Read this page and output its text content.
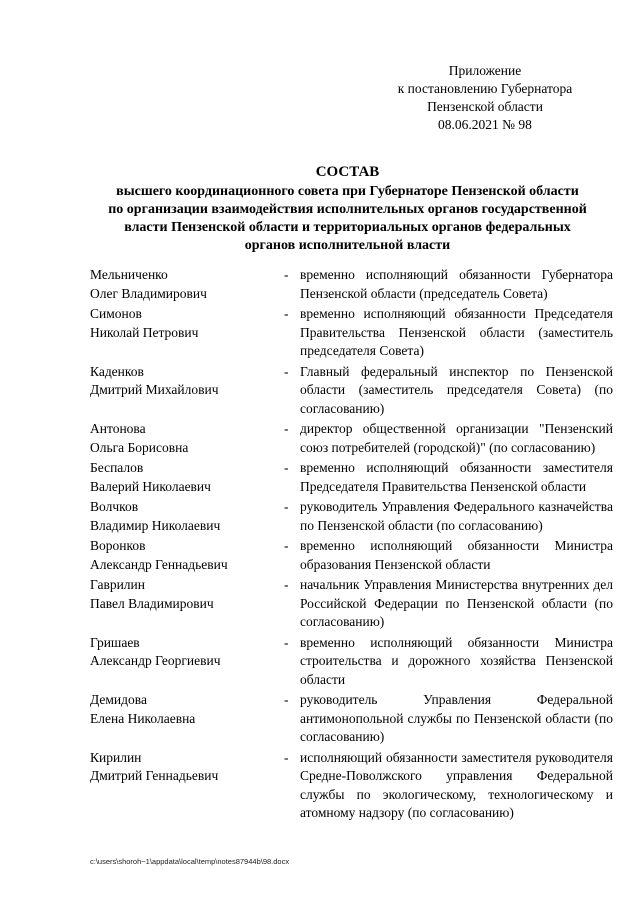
Приложение
к постановлению Губернатора
Пензенской области
08.06.2021 № 98
СОСТАВ
высшего координационного совета при Губернаторе Пензенской области
по организации взаимодействия исполнительных органов государственной
власти Пензенской области и территориальных органов федеральных
органов исполнительной власти
Мельниченко
Олег Владимирович
- временно исполняющий обязанности Губернатора Пензенской области (председатель Совета)
Симонов
Николай Петрович
- временно исполняющий обязанности Председателя Правительства Пензенской области (заместитель председателя Совета)
Каденков
Дмитрий Михайлович
- Главный федеральный инспектор по Пензенской области (заместитель председателя Совета) (по согласованию)
Антонова
Ольга Борисовна
- директор общественной организации "Пензенский союз потребителей (городской)" (по согласованию)
Беспалов
Валерий Николаевич
- временно исполняющий обязанности заместителя Председателя Правительства Пензенской области
Волчков
Владимир Николаевич
- руководитель Управления Федерального казначейства по Пензенской области (по согласованию)
Воронков
Александр Геннадьевич
- временно исполняющий обязанности Министра образования Пензенской области
Гаврилин
Павел Владимирович
- начальник Управления Министерства внутренних дел Российской Федерации по Пензенской области (по согласованию)
Гришаев
Александр Георгиевич
- временно исполняющий обязанности Министра строительства и дорожного хозяйства Пензенской области
Демидова
Елена Николаевна
- руководитель Управления Федеральной антимонопольной службы по Пензенской области (по согласованию)
Кирилин
Дмитрий Геннадьевич
- исполняющий обязанности заместителя руководителя Средне-Поволжского управления Федеральной службы по экологическому, технологическому и атомному надзору (по согласованию)
c:\users\shoroh~1\appdata\local\temp\notes87944b\98.docx
